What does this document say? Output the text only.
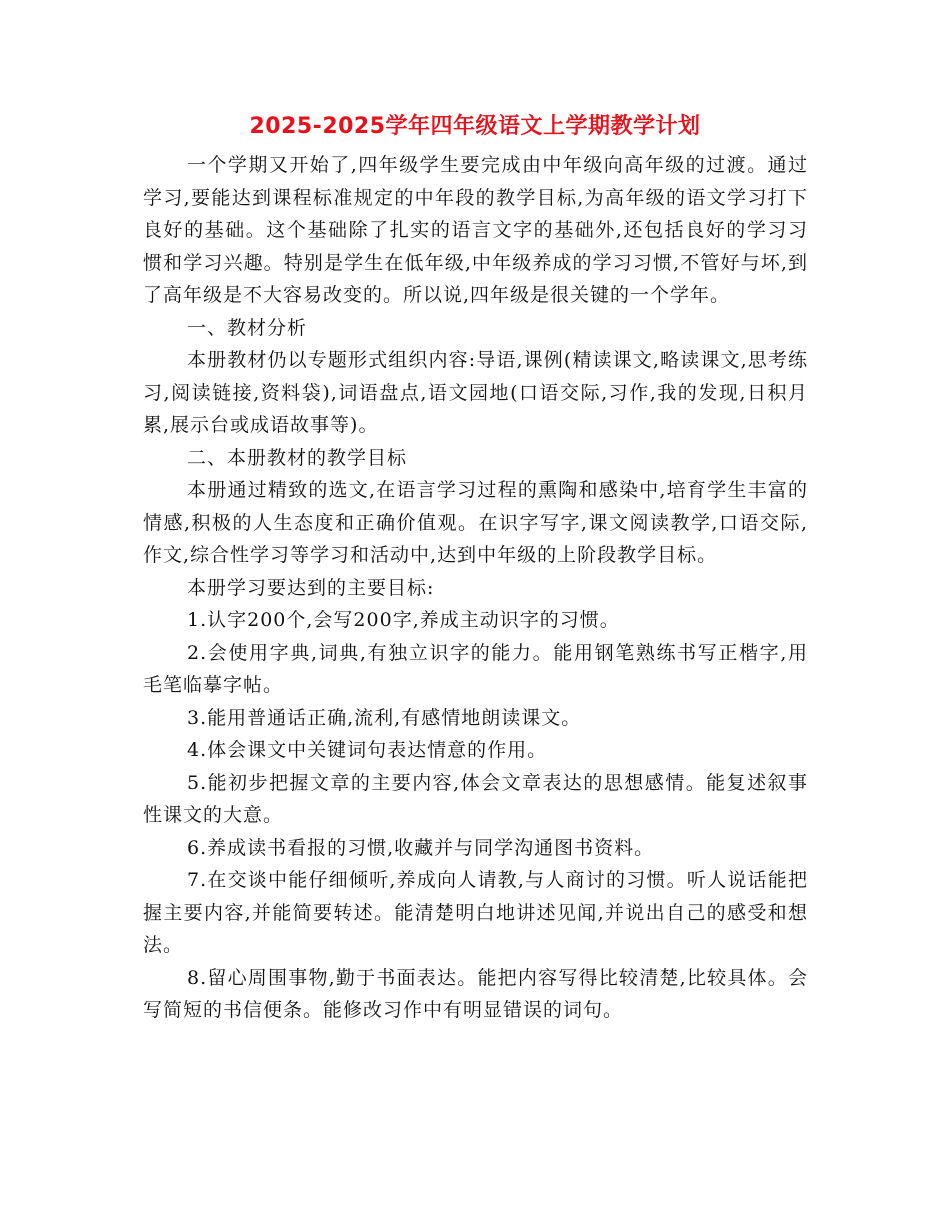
2025-2025学年四年级语文上学期教学计划

一个学期又开始了,四年级学生要完成由中年级向高年级的过渡。通过学习,要能达到课程标准规定的中年段的教学目标,为高年级的语文学习打下良好的基础。这个基础除了扎实的语言文字的基础外,还包括良好的学习习惯和学习兴趣。特别是学生在低年级,中年级养成的学习习惯,不管好与坏,到了高年级是不大容易改变的。所以说,四年级是很关键的一个学年。

一、教材分析

本册教材仍以专题形式组织内容:导语,课例(精读课文,略读课文,思考练习,阅读链接,资料袋),词语盘点,语文园地(口语交际,习作,我的发现,日积月累,展示台或成语故事等)。

二、本册教材的教学目标

本册通过精致的选文,在语言学习过程的熏陶和感染中,培育学生丰富的情感,积极的人生态度和正确价值观。在识字写字,课文阅读教学,口语交际,作文,综合性学习等学习和活动中,达到中年级的上阶段教学目标。

本册学习要达到的主要目标:

1.认字200个,会写200字,养成主动识字的习惯。

2.会使用字典,词典,有独立识字的能力。能用钢笔熟练书写正楷字,用毛笔临摹字帖。

3.能用普通话正确,流利,有感情地朗读课文。

4.体会课文中关键词句表达情意的作用。

5.能初步把握文章的主要内容,体会文章表达的思想感情。能复述叙事性课文的大意。

6.养成读书看报的习惯,收藏并与同学沟通图书资料。

7.在交谈中能仔细倾听,养成向人请教,与人商讨的习惯。听人说话能把握主要内容,并能简要转述。能清楚明白地讲述见闻,并说出自己的感受和想法。

8.留心周围事物,勤于书面表达。能把内容写得比较清楚,比较具体。会写简短的书信便条。能修改习作中有明显错误的词句。
